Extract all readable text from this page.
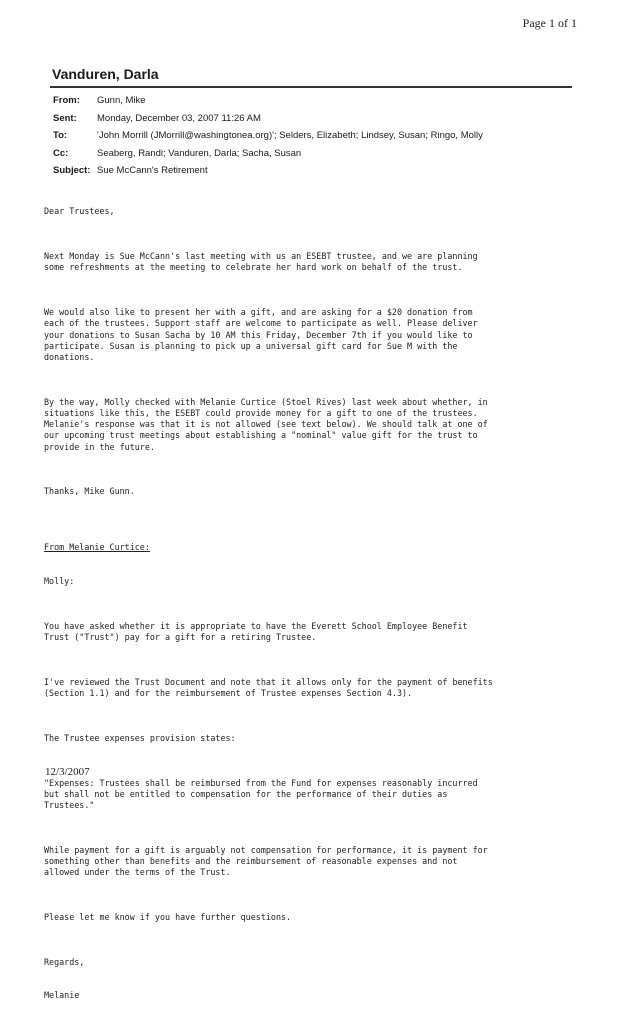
Page 1 of 1
Vanduren, Darla
From:	Gunn, Mike
Sent:	Monday, December 03, 2007 11:26 AM
To:	'John Morrill (JMorrill@washingtonea.org)'; Selders, Elizabeth; Lindsey, Susan; Ringo, Molly
Cc:	Seaberg, Randi; Vanduren, Darla; Sacha, Susan
Subject:	Sue McCann's Retirement

Dear Trustees,

Next Monday is Sue McCann's last meeting with us an ESEBT trustee, and we are planning
some refreshments at the meeting to celebrate her hard work on behalf of the trust.

We would also like to present her with a gift, and are asking for a $20 donation from
each of the trustees. Support staff are welcome to participate as well. Please deliver
your donations to Susan Sacha by 10 AM this Friday, December 7th if you would like to
participate. Susan is planning to pick up a universal gift card for Sue M with the
donations.

By the way, Molly checked with Melanie Curtice (Stoel Rives) last week about whether, in
situations like this, the ESEBT could provide money for a gift to one of the trustees.
Melanie's response was that it is not allowed (see text below). We should talk at one of
our upcoming trust meetings about establishing a "nominal" value gift for the trust to
provide in the future.

Thanks, Mike Gunn.

From Melanie Curtice:

Molly:

You have asked whether it is appropriate to have the Everett School Employee Benefit
Trust ("Trust") pay for a gift for a retiring Trustee.

I've reviewed the Trust Document and note that it allows only for the payment of benefits
(Section 1.1) and for the reimbursement of Trustee expenses Section 4.3).

The Trustee expenses provision states:

"Expenses: Trustees shall be reimbursed from the Fund for expenses reasonably incurred
but shall not be entitled to compensation for the performance of their duties as
Trustees."

While payment for a gift is arguably not compensation for performance, it is payment for
something other than benefits and the reimbursement of reasonable expenses and not
allowed under the terms of the Trust.

Please let me know if you have further questions.

Regards,

Melanie

12/3/2007
